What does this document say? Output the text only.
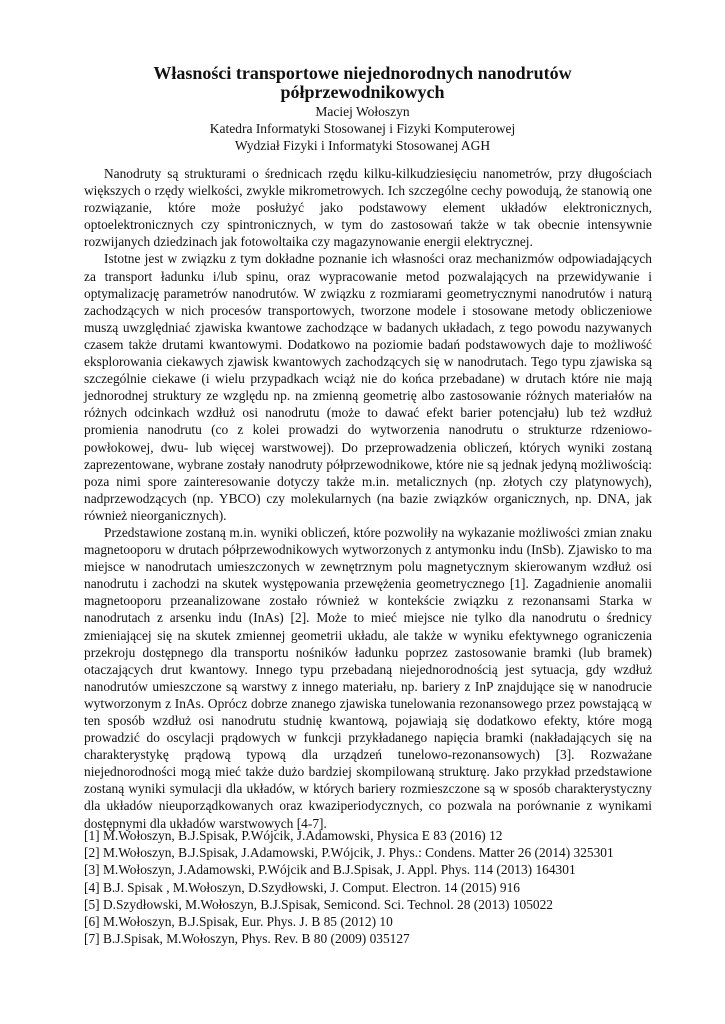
Własności transportowe niejednorodnych nanodrutów
półprzewodnikowych
Maciej Wołoszyn
Katedra Informatyki Stosowanej i Fizyki Komputerowej
Wydział Fizyki i Informatyki Stosowanej AGH

Nanodruty są strukturami o średnicach rzędu kilku-kilkudziesięciu nanometrów, przy długościach większych o rzędy wielkości, zwykle mikrometrowych. Ich szczególne cechy powodują, że stanowią one rozwiązanie, które może posłużyć jako podstawowy element układów elektronicznych, optoelektronicznych czy spintronicznych, w tym do zastosowań także w tak obecnie intensywnie rozwijanych dziedzinach jak fotowoltaika czy magazynowanie energii elektrycznej.

Istotne jest w związku z tym dokładne poznanie ich własności oraz mechanizmów odpowiadających za transport ładunku i/lub spinu, oraz wypracowanie metod pozwalających na przewidywanie i optymalizację parametrów nanodrutów. W związku z rozmiarami geometrycznymi nanodrutów i naturą zachodzących w nich procesów transportowych, tworzone modele i stosowane metody obliczeniowe muszą uwzględniać zjawiska kwantowe zachodzące w badanych układach, z tego powodu nazywanych czasem także drutami kwantowymi. Dodatkowo na poziomie badań podstawowych daje to możliwość eksplorowania ciekawych zjawisk kwantowych zachodzących się w nanodrutach. Tego typu zjawiska są szczególnie ciekawe (i wielu przypadkach wciąż nie do końca przebadane) w drutach które nie mają jednorodnej struktury ze względu np. na zmienną geometrię albo zastosowanie różnych materiałów na różnych odcinkach wzdłuż osi nanodrutu (może to dawać efekt barier potencjału) lub też wzdłuż promienia nanodrutu (co z kolei prowadzi do wytworzenia nanodrutu o strukturze rdzeniowo-powłokowej, dwu- lub więcej warstwowej). Do przeprowadzenia obliczeń, których wyniki zostaną zaprezentowane, wybrane zostały nanodruty półprzewodnikowe, które nie są jednak jedyną możliwością: poza nimi spore zainteresowanie dotyczy także m.in. metalicznych (np. złotych czy platynowych), nadprzewodzących (np. YBCO) czy molekularnych (na bazie związków organicznych, np. DNA, jak również nieorganicznych).

Przedstawione zostaną m.in. wyniki obliczeń, które pozwoliły na wykazanie możliwości zmian znaku magnetooporu w drutach półprzewodnikowych wytworzonych z antymonku indu (InSb). Zjawisko to ma miejsce w nanodrutach umieszczonych w zewnętrznym polu magnetycznym skierowanym wzdłuż osi nanodrutu i zachodzi na skutek występowania przewężenia geometrycznego [1]. Zagadnienie anomalii magnetooporu przeanalizowane zostało również w kontekście związku z rezonansami Starka w nanodrutach z arsenku indu (InAs) [2]. Może to mieć miejsce nie tylko dla nanodrutu o średnicy zmieniającej się na skutek zmiennej geometrii układu, ale także w wyniku efektywnego ograniczenia przekroju dostępnego dla transportu nośników ładunku poprzez zastosowanie bramki (lub bramek) otaczających drut kwantowy. Innego typu przebadaną niejednorodnością jest sytuacja, gdy wzdłuż nanodrutów umieszczone są warstwy z innego materiału, np. bariery z InP znajdujące się w nanodrucie wytworzonym z InAs. Oprócz dobrze znanego zjawiska tunelowania rezonansowego przez powstającą w ten sposób wzdłuż osi nanodrutu studnię kwantową, pojawiają się dodatkowo efekty, które mogą prowadzić do oscylacji prądowych w funkcji przykładanego napięcia bramki (nakładających się na charakterystykę prądową typową dla urządzeń tunelowo-rezonansowych) [3]. Rozważane niejednorodności mogą mieć także dużo bardziej skompilowaną strukturę. Jako przykład przedstawione zostaną wyniki symulacji dla układów, w których bariery rozmieszczone są w sposób charakterystyczny dla układów nieuporządkowanych oraz kwaziperiodycznych, co pozwala na porównanie z wynikami dostępnymi dla układów warstwowych [4-7].

[1] M.Wołoszyn, B.J.Spisak, P.Wójcik, J.Adamowski, Physica E 83 (2016) 12
[2] M.Wołoszyn, B.J.Spisak, J.Adamowski, P.Wójcik, J. Phys.: Condens. Matter 26 (2014) 325301
[3] M.Wołoszyn, J.Adamowski, P.Wójcik and B.J.Spisak, J. Appl. Phys. 114 (2013) 164301
[4] B.J. Spisak , M.Wołoszyn, D.Szydłowski, J. Comput. Electron. 14 (2015) 916
[5] D.Szydłowski, M.Wołoszyn, B.J.Spisak, Semicond. Sci. Technol. 28 (2013) 105022
[6] M.Wołoszyn, B.J.Spisak, Eur. Phys. J. B 85 (2012) 10
[7] B.J.Spisak, M.Wołoszyn, Phys. Rev. B 80 (2009) 035127
